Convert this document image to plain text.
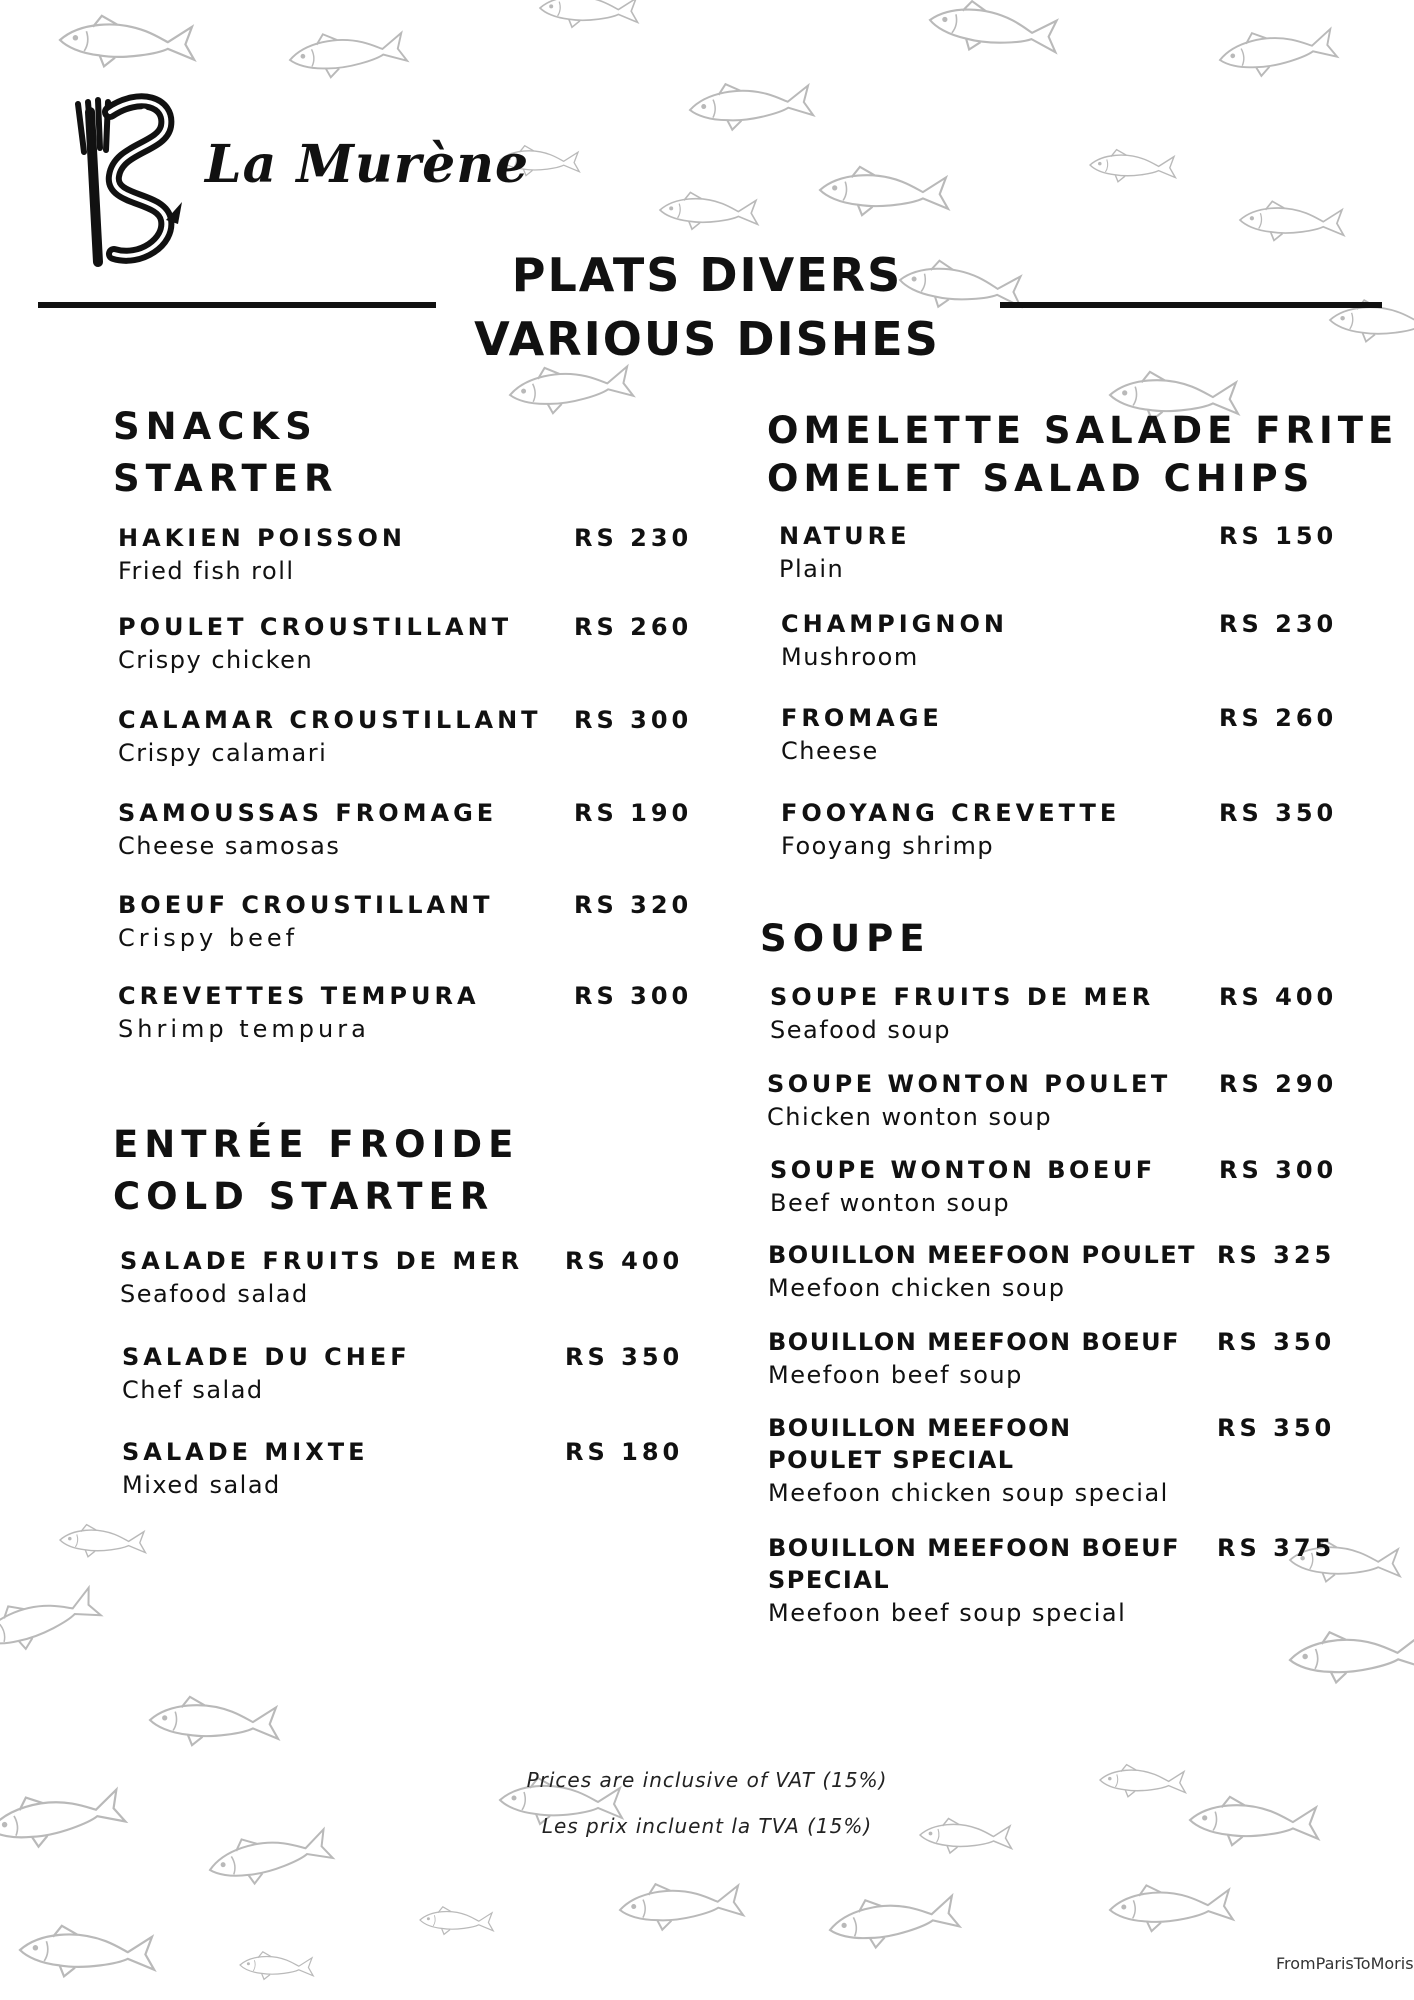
La Murène
PLATS DIVERS
VARIOUS DISHES
SNACKS
STARTER
HAKIEN POISSON
Fried fish roll
RS 230
POULET CROUSTILLANT
Crispy chicken
RS 260
CALAMAR CROUSTILLANT
Crispy calamari
RS 300
SAMOUSSAS FROMAGE
Cheese samosas
RS 190
BOEUF CROUSTILLANT
Crispy beef
RS 320
CREVETTES TEMPURA
Shrimp tempura
RS 300
ENTRÉE FROIDE
COLD STARTER
SALADE FRUITS DE MER
Seafood salad
RS 400
SALADE DU CHEF
Chef salad
RS 350
SALADE MIXTE
Mixed salad
RS 180
OMELETTE SALADE FRITE
OMELET SALAD CHIPS
NATURE
Plain
RS 150
CHAMPIGNON
Mushroom
RS 230
FROMAGE
Cheese
RS 260
FOOYANG CREVETTE
Fooyang shrimp
RS 350
SOUPE
SOUPE FRUITS DE MER
Seafood soup
RS 400
SOUPE WONTON POULET
Chicken wonton soup
RS 290
SOUPE WONTON BOEUF
Beef wonton soup
RS 300
BOUILLON MEEFOON POULET
Meefoon chicken soup
RS 325
BOUILLON MEEFOON BOEUF
Meefoon beef soup
RS 350
BOUILLON MEEFOON POULET SPECIAL
Meefoon chicken soup special
RS 350
BOUILLON MEEFOON BOEUF SPECIAL
Meefoon beef soup special
RS 375
Prices are inclusive of VAT (15%)
Les prix incluent la TVA (15%)
FromParisToMoris
